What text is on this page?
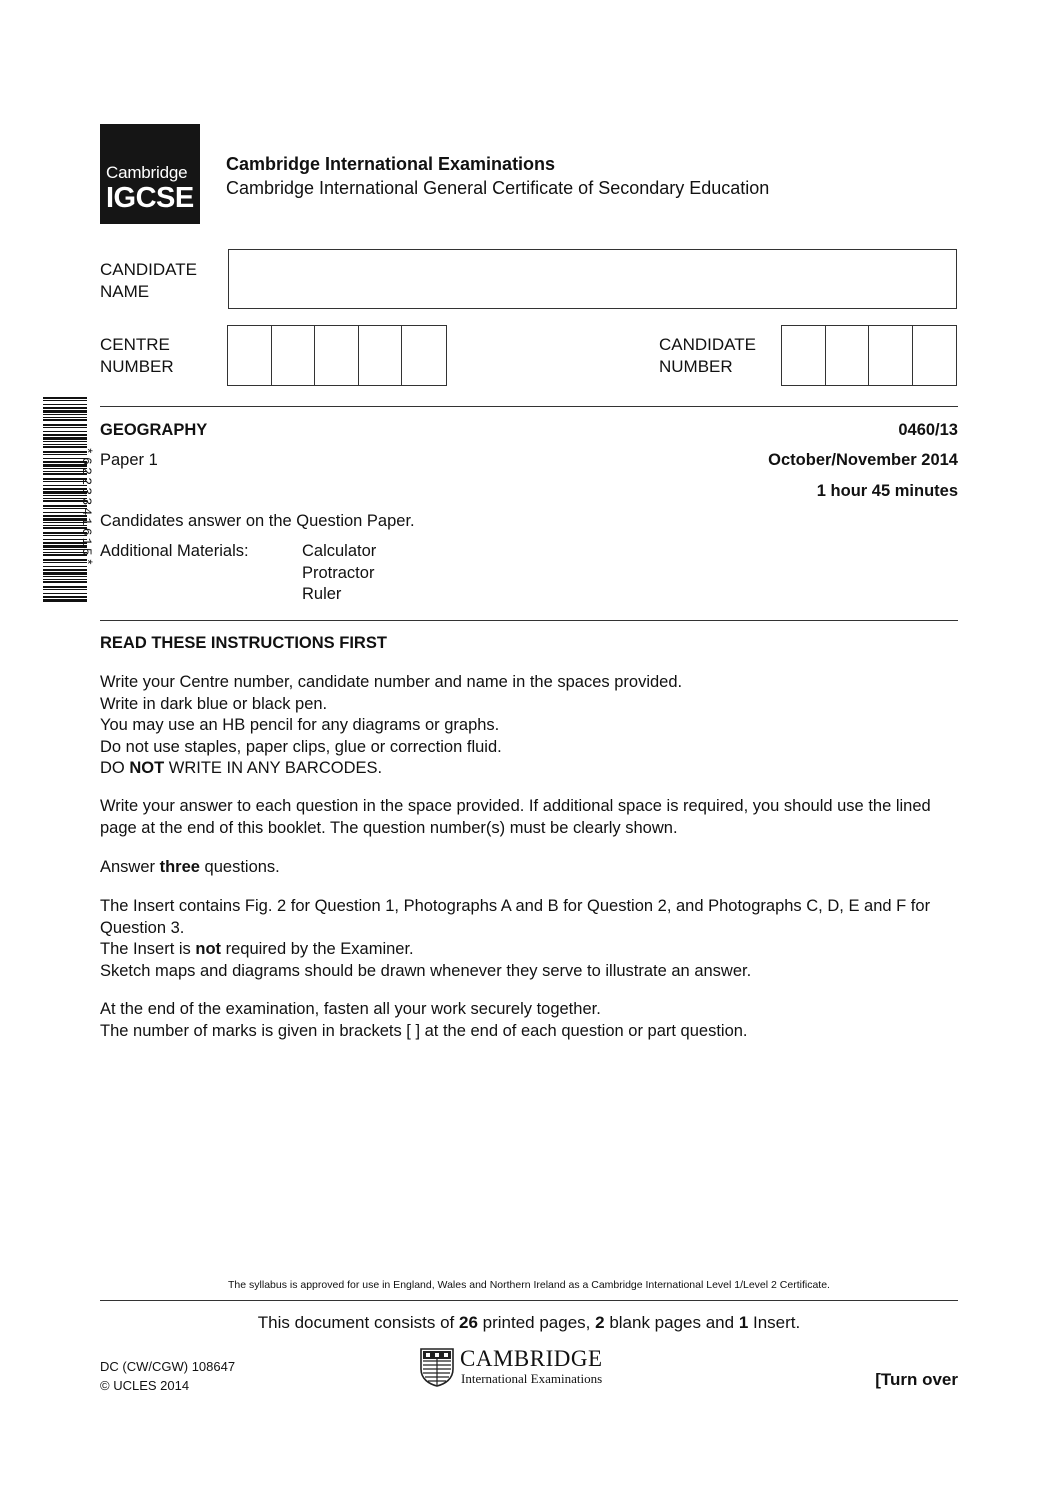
Cambridge
IGCSE
Cambridge International Examinations
Cambridge International General Certificate of Secondary Education
CANDIDATE
NAME
CENTRE
NUMBER
CANDIDATE
NUMBER
*6223341615*
GEOGRAPHY	0460/13
Paper 1	October/November 2014
1 hour 45 minutes
Candidates answer on the Question Paper.
Additional Materials:	Calculator
Protractor
Ruler
READ THESE INSTRUCTIONS FIRST
Write your Centre number, candidate number and name in the spaces provided.
Write in dark blue or black pen.
You may use an HB pencil for any diagrams or graphs.
Do not use staples, paper clips, glue or correction fluid.
DO NOT WRITE IN ANY BARCODES.
Write your answer to each question in the space provided. If additional space is required, you should use the lined page at the end of this booklet. The question number(s) must be clearly shown.
Answer three questions.
The Insert contains Fig. 2 for Question 1, Photographs A and B for Question 2, and Photographs C, D, E and F for Question 3.
The Insert is not required by the Examiner.
Sketch maps and diagrams should be drawn whenever they serve to illustrate an answer.
At the end of the examination, fasten all your work securely together.
The number of marks is given in brackets [ ] at the end of each question or part question.
The syllabus is approved for use in England, Wales and Northern Ireland as a Cambridge International Level 1/Level 2 Certificate.
This document consists of 26 printed pages, 2 blank pages and 1 Insert.
DC (CW/CGW) 108647
© UCLES 2014
CAMBRIDGE
International Examinations	[Turn over
